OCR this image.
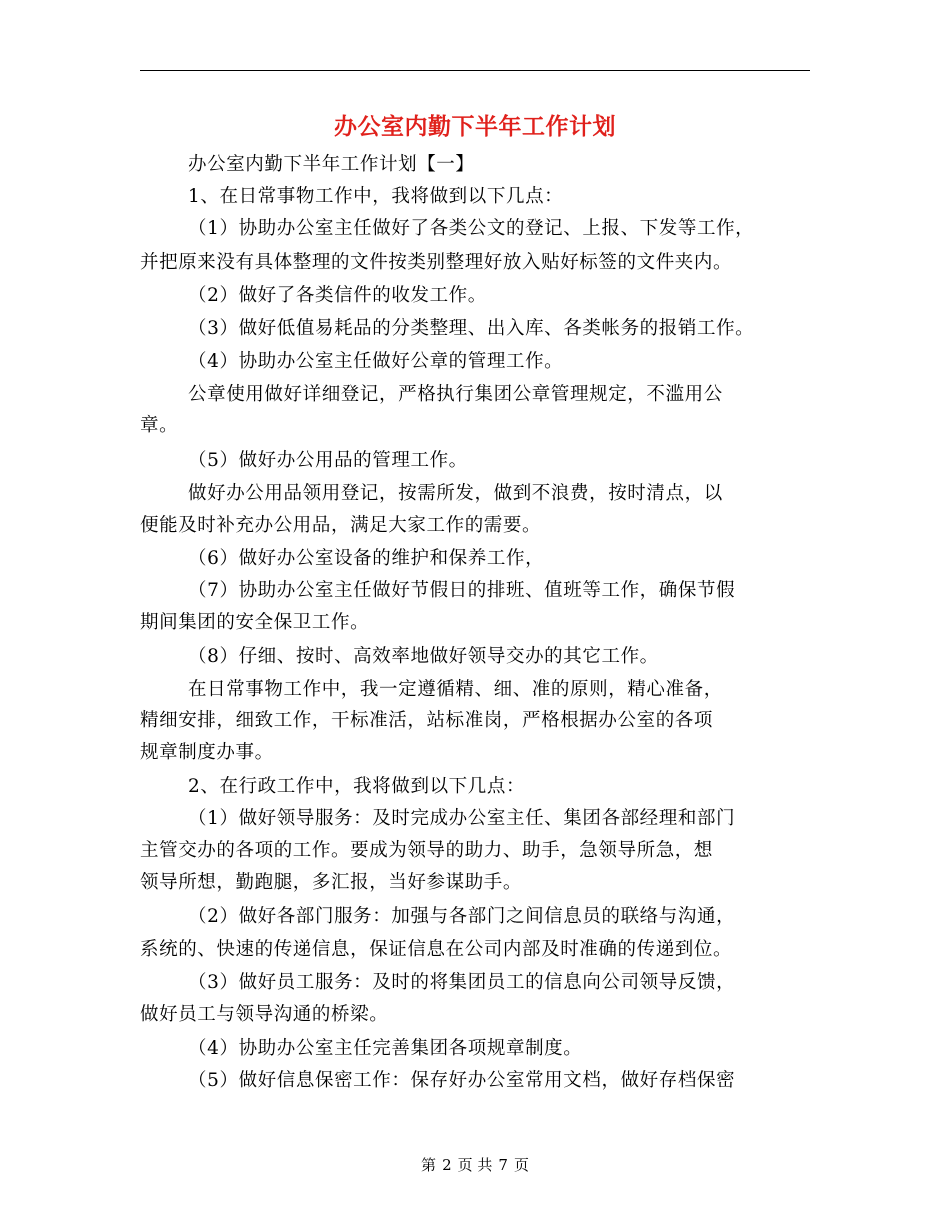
办公室内勤下半年工作计划
办公室内勤下半年工作计划【一】
1、在日常事物工作中，我将做到以下几点：
（1）协助办公室主任做好了各类公文的登记、上报、下发等工作，
并把原来没有具体整理的文件按类别整理好放入贴好标签的文件夹内。
（2）做好了各类信件的收发工作。
（3）做好低值易耗品的分类整理、出入库、各类帐务的报销工作。
（4）协助办公室主任做好公章的管理工作。
公章使用做好详细登记，严格执行集团公章管理规定，不滥用公
章。
（5）做好办公用品的管理工作。
做好办公用品领用登记，按需所发，做到不浪费，按时清点，以
便能及时补充办公用品，满足大家工作的需要。
（6）做好办公室设备的维护和保养工作，
（7）协助办公室主任做好节假日的排班、值班等工作，确保节假
期间集团的安全保卫工作。
（8）仔细、按时、高效率地做好领导交办的其它工作。
在日常事物工作中，我一定遵循精、细、准的原则，精心准备，
精细安排，细致工作，干标准活，站标准岗，严格根据办公室的各项
规章制度办事。
2、在行政工作中，我将做到以下几点：
（1）做好领导服务：及时完成办公室主任、集团各部经理和部门
主管交办的各项的工作。要成为领导的助力、助手，急领导所急，想
领导所想，勤跑腿，多汇报，当好参谋助手。
（2）做好各部门服务：加强与各部门之间信息员的联络与沟通，
系统的、快速的传递信息，保证信息在公司内部及时准确的传递到位。
（3）做好员工服务：及时的将集团员工的信息向公司领导反馈，
做好员工与领导沟通的桥梁。
（4）协助办公室主任完善集团各项规章制度。
（5）做好信息保密工作：保存好办公室常用文档，做好存档保密
第 2 页 共 7 页
